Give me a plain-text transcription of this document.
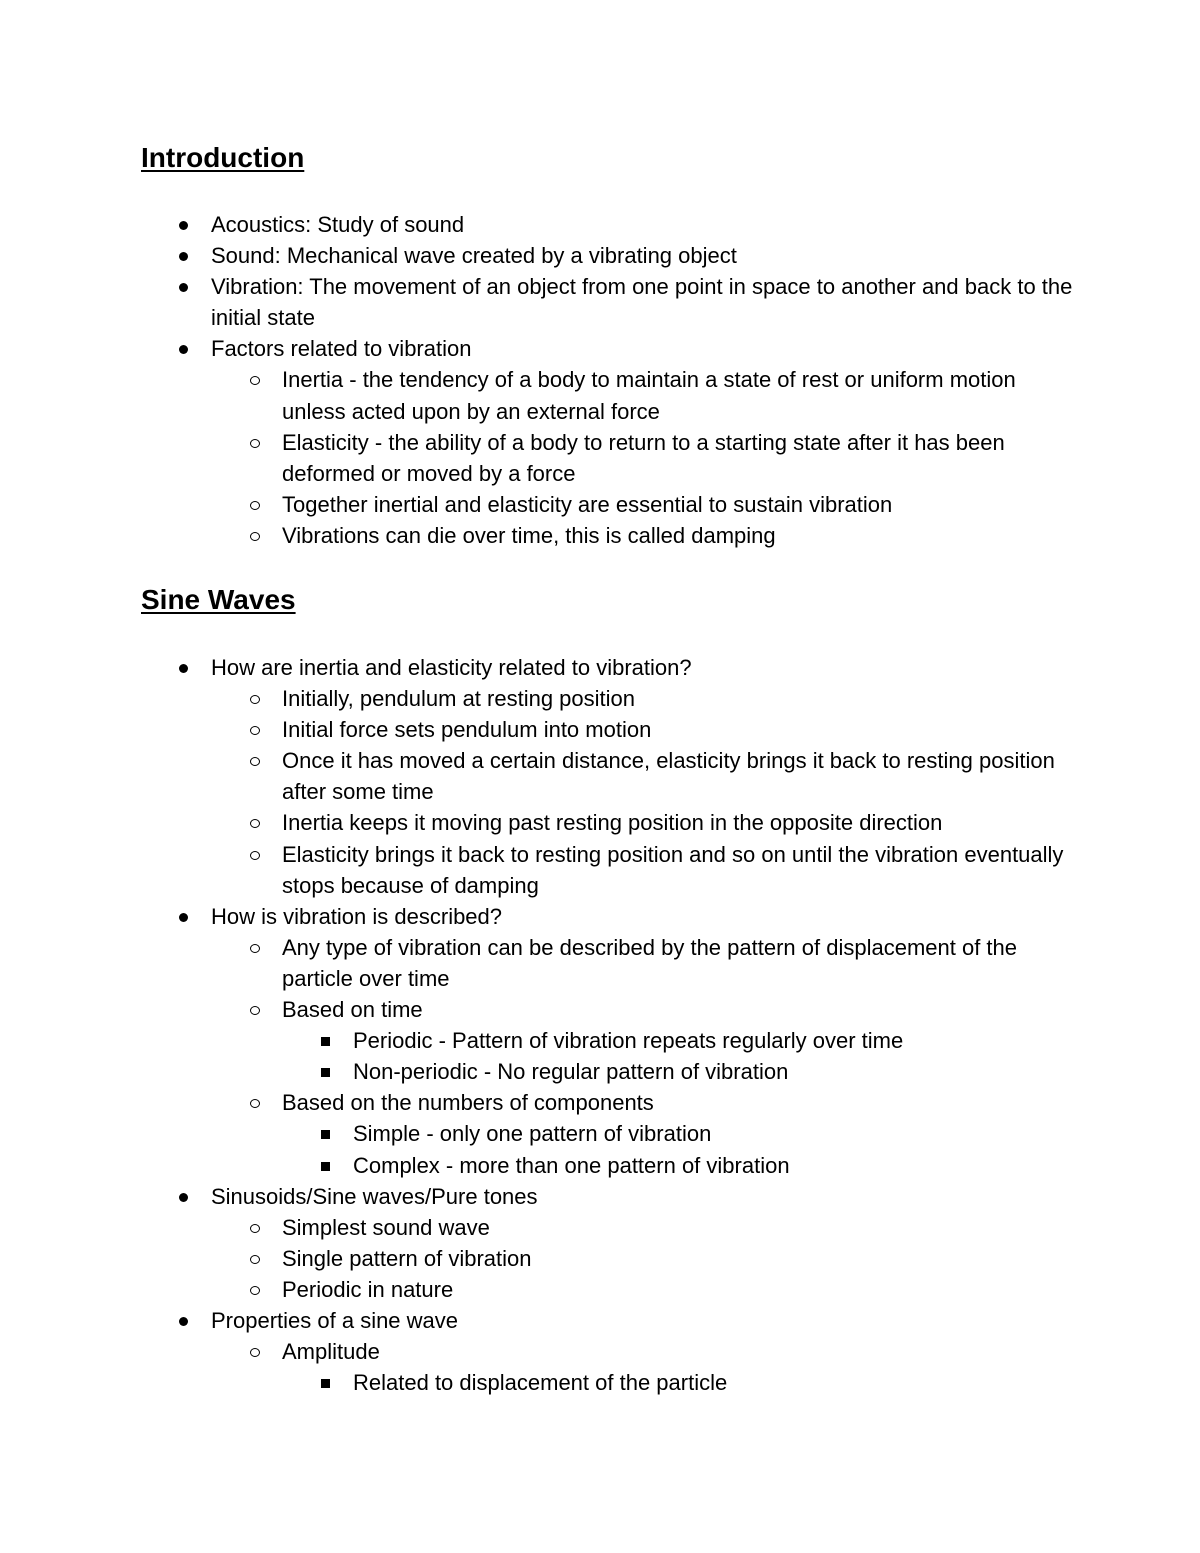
Introduction
Acoustics: Study of sound
Sound: Mechanical wave created by a vibrating object
Vibration: The movement of an object from one point in space to another and back to the initial state
Factors related to vibration
Inertia - the tendency of a body to maintain a state of rest or uniform motion unless acted upon by an external force
Elasticity - the ability of a body to return to a starting state after it has been deformed or moved by a force
Together inertial and elasticity are essential to sustain vibration
Vibrations can die over time, this is called damping
Sine Waves
How are inertia and elasticity related to vibration?
Initially, pendulum at resting position
Initial force sets pendulum into motion
Once it has moved a certain distance, elasticity brings it back to resting position after some time
Inertia keeps it moving past resting position in the opposite direction
Elasticity brings it back to resting position and so on until the vibration eventually stops because of damping
How is vibration is described?
Any type of vibration can be described by the pattern of displacement of the particle over time
Based on time
Periodic - Pattern of vibration repeats regularly over time
Non-periodic - No regular pattern of vibration
Based on the numbers of components
Simple - only one pattern of vibration
Complex - more than one pattern of vibration
Sinusoids/Sine waves/Pure tones
Simplest sound wave
Single pattern of vibration
Periodic in nature
Properties of a sine wave
Amplitude
Related to displacement of the particle
